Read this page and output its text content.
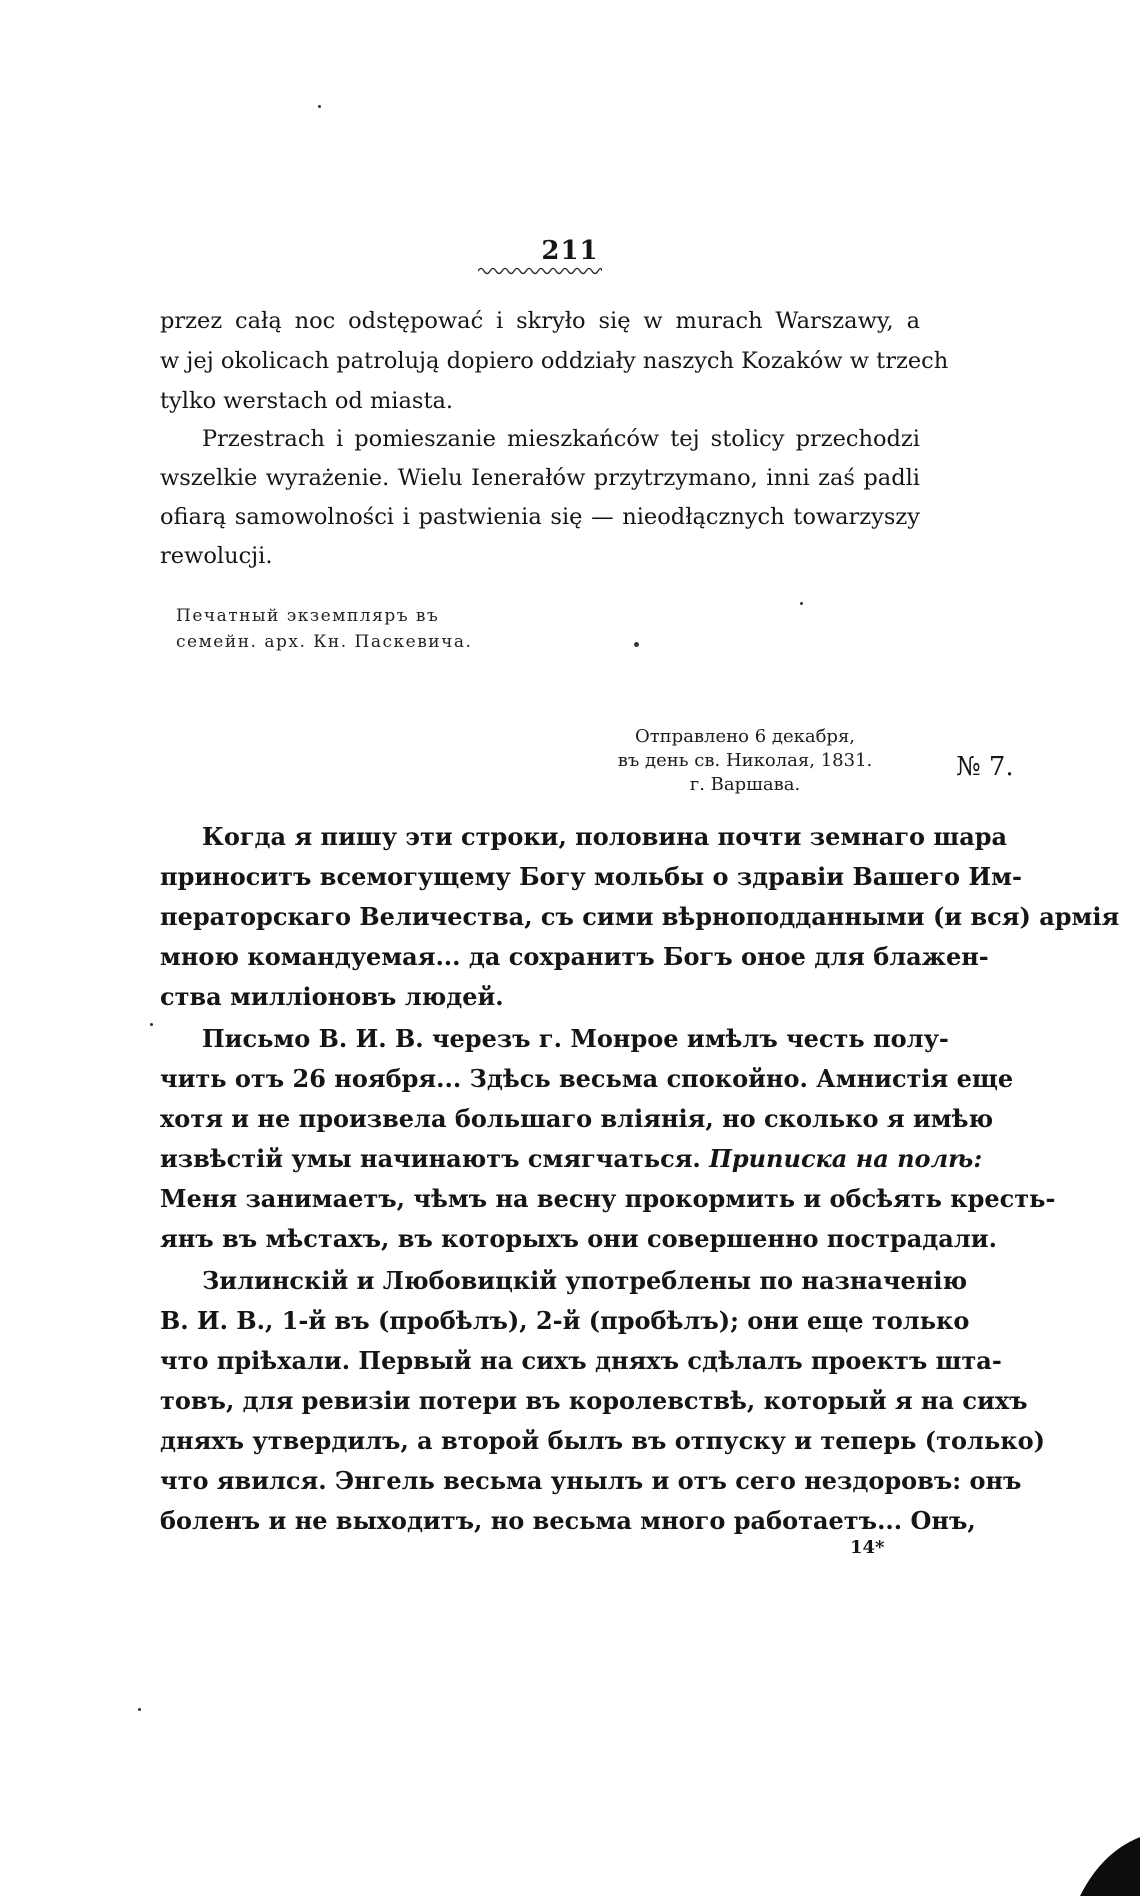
211
przez całą noc odstępować i skryło się w murach Warszawy, a
w jej okolicach patrolują dopiero oddziały naszych Kozaków w trzech
tylko werstach od miasta.
Przestrach i pomieszanie mieszkańców tej stolicy przechodzi
wszelkie wyrażenie. Wielu Ienerałów przytrzymano, inni zaś padli
ofiarą samowolności i pastwienia się — nieodłącznych towarzyszy
rewolucji.
Печатный экземпляръ въ
семейн. арх. Кн. Паскевича.
Отправлено 6 декабря,
въ день св. Николая, 1831.
г. Варшава.
№ 7.
Когда я пишу эти строки, половина почти земнаго шара
приноситъ всемогущему Богу мольбы о здравіи Вашего Им-
ператорскаго Величества, съ сими вѣрноподданными (и вся) армія
мною командуемая... да сохранитъ Богъ оное для блажен-
ства милліоновъ людей.
Письмо В. И. В. черезъ г. Монрое имѣлъ честь полу-
чить отъ 26 ноября... Здѣсь весьма спокойно. Амнистія еще
хотя и не произвела большаго вліянія, но сколько я имѣю
извѣстій умы начинаютъ смягчаться. Приписка на полѣ:
Меня занимаетъ, чѣмъ на весну прокормить и обсѣять кресть-
янъ въ мѣстахъ, въ которыхъ они совершенно пострадали.
Зилинскій и Любовицкій употреблены по назначенію
В. И. В., 1-й въ (пробѣлъ), 2-й (пробѣлъ); они еще только
что пріѣхали. Первый на сихъ дняхъ сдѣлалъ проектъ шта-
товъ, для ревизіи потери въ королевствѣ, который я на сихъ
дняхъ утвердилъ, а второй былъ въ отпуску и теперь (только)
что явился. Энгель весьма унылъ и отъ сего нездоровъ: онъ
боленъ и не выходитъ, но весьма много работаетъ... Онъ,
14*
